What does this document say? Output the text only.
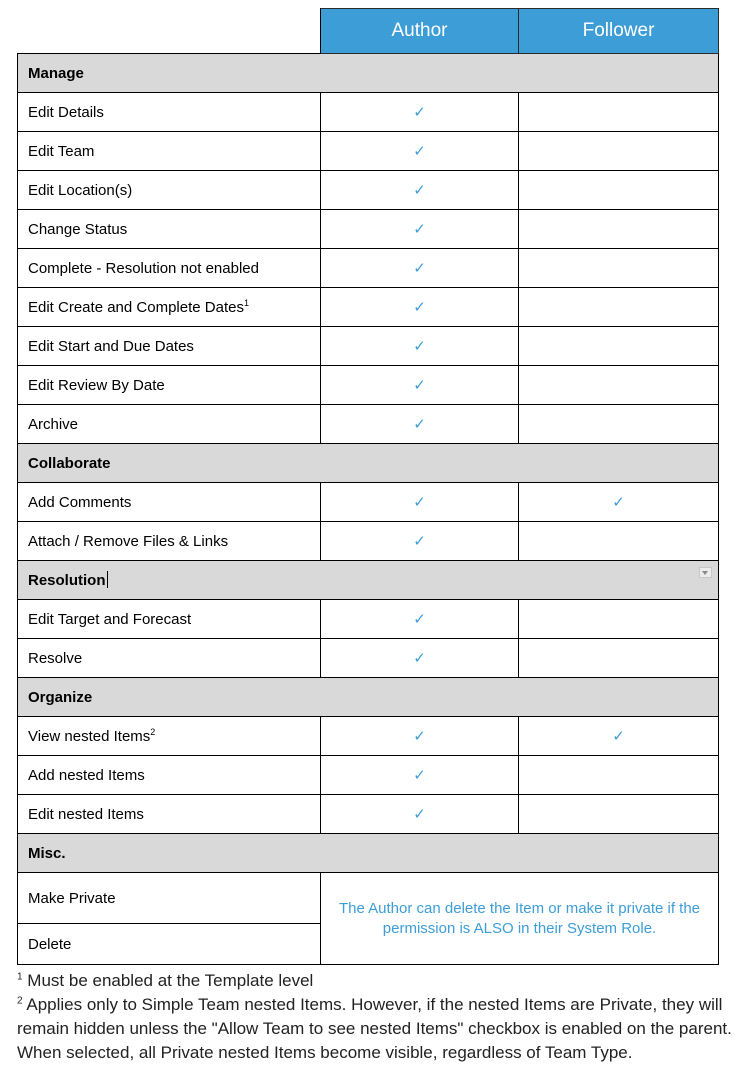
	Author	Follower
Manage		
Edit Details	✓	
Edit Team	✓	
Edit Location(s)	✓	
Change Status	✓	
Complete - Resolution not enabled	✓	
Edit Create and Complete Dates$^1$	✓	
Edit Start and Due Dates	✓	
Edit Review By Date	✓	
Archive	✓	
Collaborate		
Add Comments	✓	✓
Attach / Remove Files & Links	✓	
Resolution		

Edit Target and Forecast	✓	
Resolve	✓	
Organize		
View nested Items$^2$	✓	✓
Add nested Items	✓	
Edit nested Items	✓	
Misc.		
Make Private	The Author can delete the Item or make it private if the permission is ALSO in their System Role.	
Delete		

$^1$ Must be enabled at the Template level

$^2$ Applies only to Simple Team nested Items. However, if the nested Items are Private, they will remain hidden unless the "Allow Team to see nested Items" checkbox is enabled on the parent. When selected, all Private nested Items become visible, regardless of Team Type.
